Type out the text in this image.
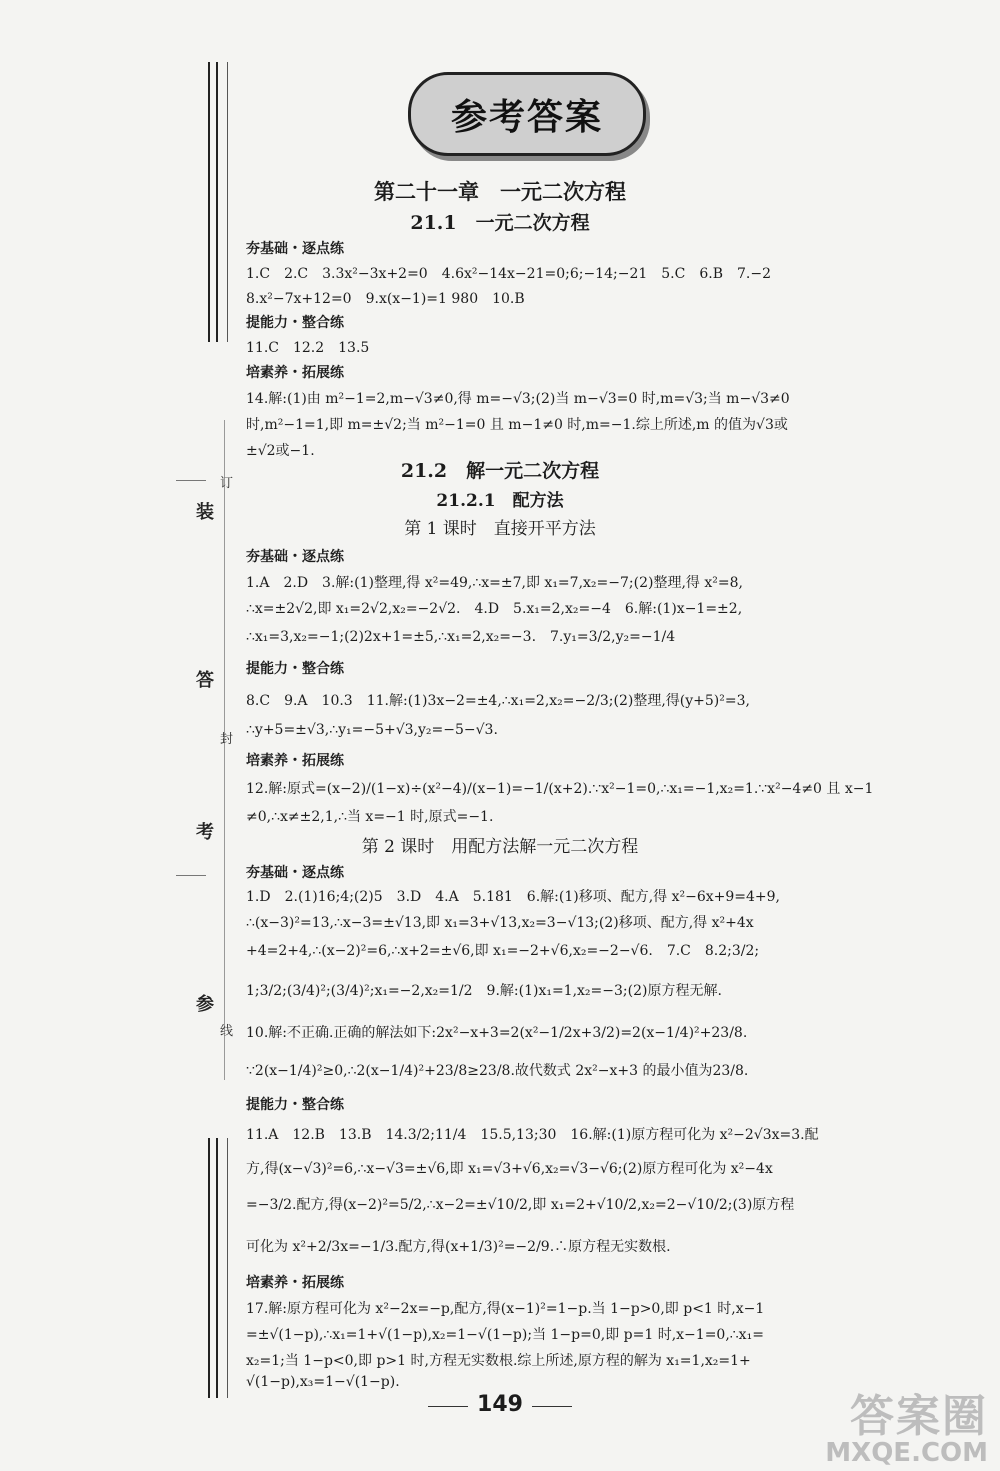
装
答
考
参
订
封
线
参考答案
第二十一章　一元二次方程
21.1　一元二次方程
夯基础・逐点练
1.C　2.C　3.3x²−3x+2=0　4.6x²−14x−21=0;6;−14;−21　5.C　6.B　7.−2
8.x²−7x+12=0　9.x(x−1)=1 980　10.B
提能力・整合练
11.C　12.2　13.5
培素养・拓展练
14.解:(1)由 m²−1=2,m−√3≠0,得 m=−√3;(2)当 m−√3=0 时,m=√3;当 m−√3≠0
时,m²−1=1,即 m=±√2;当 m²−1=0 且 m−1≠0 时,m=−1.综上所述,m 的值为√3或
±√2或−1.
21.2　解一元二次方程
21.2.1　配方法
第 1 课时　直接开平方法
夯基础・逐点练
1.A　2.D　3.解:(1)整理,得 x²=49,∴x=±7,即 x₁=7,x₂=−7;(2)整理,得 x²=8,
∴x=±2√2,即 x₁=2√2,x₂=−2√2.　4.D　5.x₁=2,x₂=−4　6.解:(1)x−1=±2,
∴x₁=3,x₂=−1;(2)2x+1=±5,∴x₁=2,x₂=−3.　7.y₁=3/2,y₂=−1/4
提能力・整合练
8.C　9.A　10.3　11.解:(1)3x−2=±4,∴x₁=2,x₂=−2/3;(2)整理,得(y+5)²=3,
∴y+5=±√3,∴y₁=−5+√3,y₂=−5−√3.
培素养・拓展练
12.解:原式=(x−2)/(1−x)÷(x²−4)/(x−1)=−1/(x+2).∵x²−1=0,∴x₁=−1,x₂=1.∵x²−4≠0 且 x−1
≠0,∴x≠±2,1,∴当 x=−1 时,原式=−1.
第 2 课时　用配方法解一元二次方程
夯基础・逐点练
1.D　2.(1)16;4;(2)5　3.D　4.A　5.181　6.解:(1)移项、配方,得 x²−6x+9=4+9,
∴(x−3)²=13,∴x−3=±√13,即 x₁=3+√13,x₂=3−√13;(2)移项、配方,得 x²+4x
+4=2+4,∴(x−2)²=6,∴x+2=±√6,即 x₁=−2+√6,x₂=−2−√6.　7.C　8.2;3/2;
1;3/2;(3/4)²;(3/4)²;x₁=−2,x₂=1/2　9.解:(1)x₁=1,x₂=−3;(2)原方程无解.
10.解:不正确.正确的解法如下:2x²−x+3=2(x²−1/2x+3/2)=2(x−1/4)²+23/8.
∵2(x−1/4)²≥0,∴2(x−1/4)²+23/8≥23/8.故代数式 2x²−x+3 的最小值为23/8.
提能力・整合练
11.A　12.B　13.B　14.3/2;11/4　15.5,13;30　16.解:(1)原方程可化为 x²−2√3x=3.配
方,得(x−√3)²=6,∴x−√3=±√6,即 x₁=√3+√6,x₂=√3−√6;(2)原方程可化为 x²−4x
=−3/2.配方,得(x−2)²=5/2,∴x−2=±√10/2,即 x₁=2+√10/2,x₂=2−√10/2;(3)原方程
可化为 x²+2/3x=−1/3.配方,得(x+1/3)²=−2/9.∴原方程无实数根.
培素养・拓展练
17.解:原方程可化为 x²−2x=−p,配方,得(x−1)²=1−p.当 1−p>0,即 p<1 时,x−1
=±√(1−p),∴x₁=1+√(1−p),x₂=1−√(1−p);当 1−p=0,即 p=1 时,x−1=0,∴x₁=
x₂=1;当 1−p<0,即 p>1 时,方程无实数根.综上所述,原方程的解为 x₁=1,x₂=1+
√(1−p),x₃=1−√(1−p).
149	答案圈
MXQE.COM
